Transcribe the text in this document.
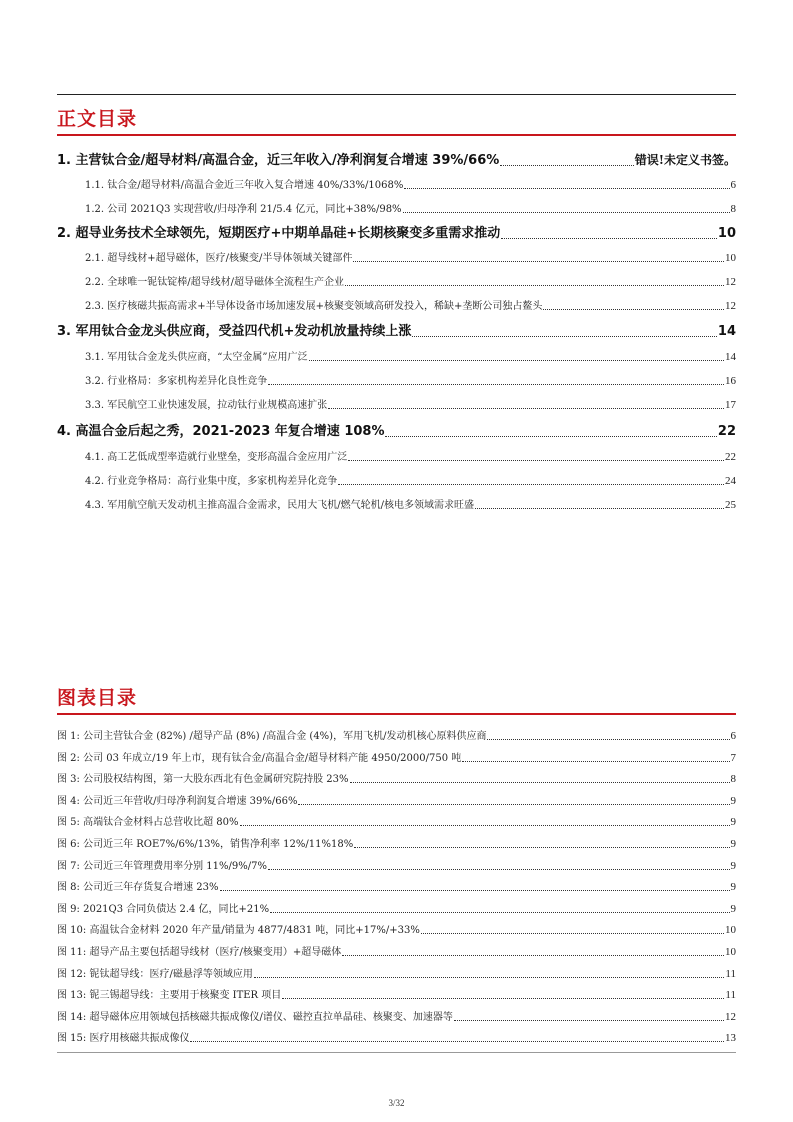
正文目录
1. 主营钛合金/超导材料/高温合金，近三年收入/净利润复合增速 39%/66%	错误!未定义书签。
1.1. 钛合金/超导材料/高温合金近三年收入复合增速 40%/33%/1068%	6
1.2. 公司 2021Q3 实现营收/归母净利 21/5.4 亿元，同比+38%/98%	8
2. 超导业务技术全球领先，短期医疗+中期单晶硅+长期核聚变多重需求推动	10
2.1. 超导线材+超导磁体，医疗/核聚变/半导体领域关键部件	10
2.2. 全球唯一铌钛锭棒/超导线材/超导磁体全流程生产企业	12
2.3. 医疗核磁共振高需求+半导体设备市场加速发展+核聚变领域高研发投入，稀缺+垄断公司独占鳌头	12
3. 军用钛合金龙头供应商，受益四代机+发动机放量持续上涨	14
3.1. 军用钛合金龙头供应商，“太空金属”应用广泛	14
3.2. 行业格局：多家机构差异化良性竞争	16
3.3. 军民航空工业快速发展，拉动钛行业规模高速扩张	17
4. 高温合金后起之秀，2021-2023 年复合增速 108%	22
4.1. 高工艺低成型率造就行业壁垒，变形高温合金应用广泛	22
4.2. 行业竞争格局：高行业集中度，多家机构差异化竞争	24
4.3. 军用航空航天发动机主推高温合金需求，民用大飞机/燃气轮机/核电多领域需求旺盛	25
图表目录
图 1: 公司主营钛合金 (82%) /超导产品 (8%) /高温合金 (4%)，军用飞机/发动机核心原料供应商	6
图 2: 公司 03 年成立/19 年上市，现有钛合金/高温合金/超导材料产能 4950/2000/750 吨	7
图 3: 公司股权结构图，第一大股东西北有色金属研究院持股 23%	8
图 4: 公司近三年营收/归母净利润复合增速 39%/66%	9
图 5: 高端钛合金材料占总营收比超 80%	9
图 6: 公司近三年 ROE7%/6%/13%，销售净利率 12%/11%18%	9
图 7: 公司近三年管理费用率分别 11%/9%/7%	9
图 8: 公司近三年存货复合增速 23%	9
图 9: 2021Q3 合同负债达 2.4 亿，同比+21%	9
图 10: 高温钛合金材料 2020 年产量/销量为 4877/4831 吨，同比+17%/+33%	10
图 11: 超导产品主要包括超导线材（医疗/核聚变用）+超导磁体	10
图 12: 铌钛超导线：医疗/磁悬浮等领域应用	11
图 13: 铌三锡超导线：主要用于核聚变 ITER 项目	11
图 14: 超导磁体应用领域包括核磁共振成像仪/谱仪、磁控直拉单晶硅、核聚变、加速器等	12
图 15: 医疗用核磁共振成像仪	13
3/32
